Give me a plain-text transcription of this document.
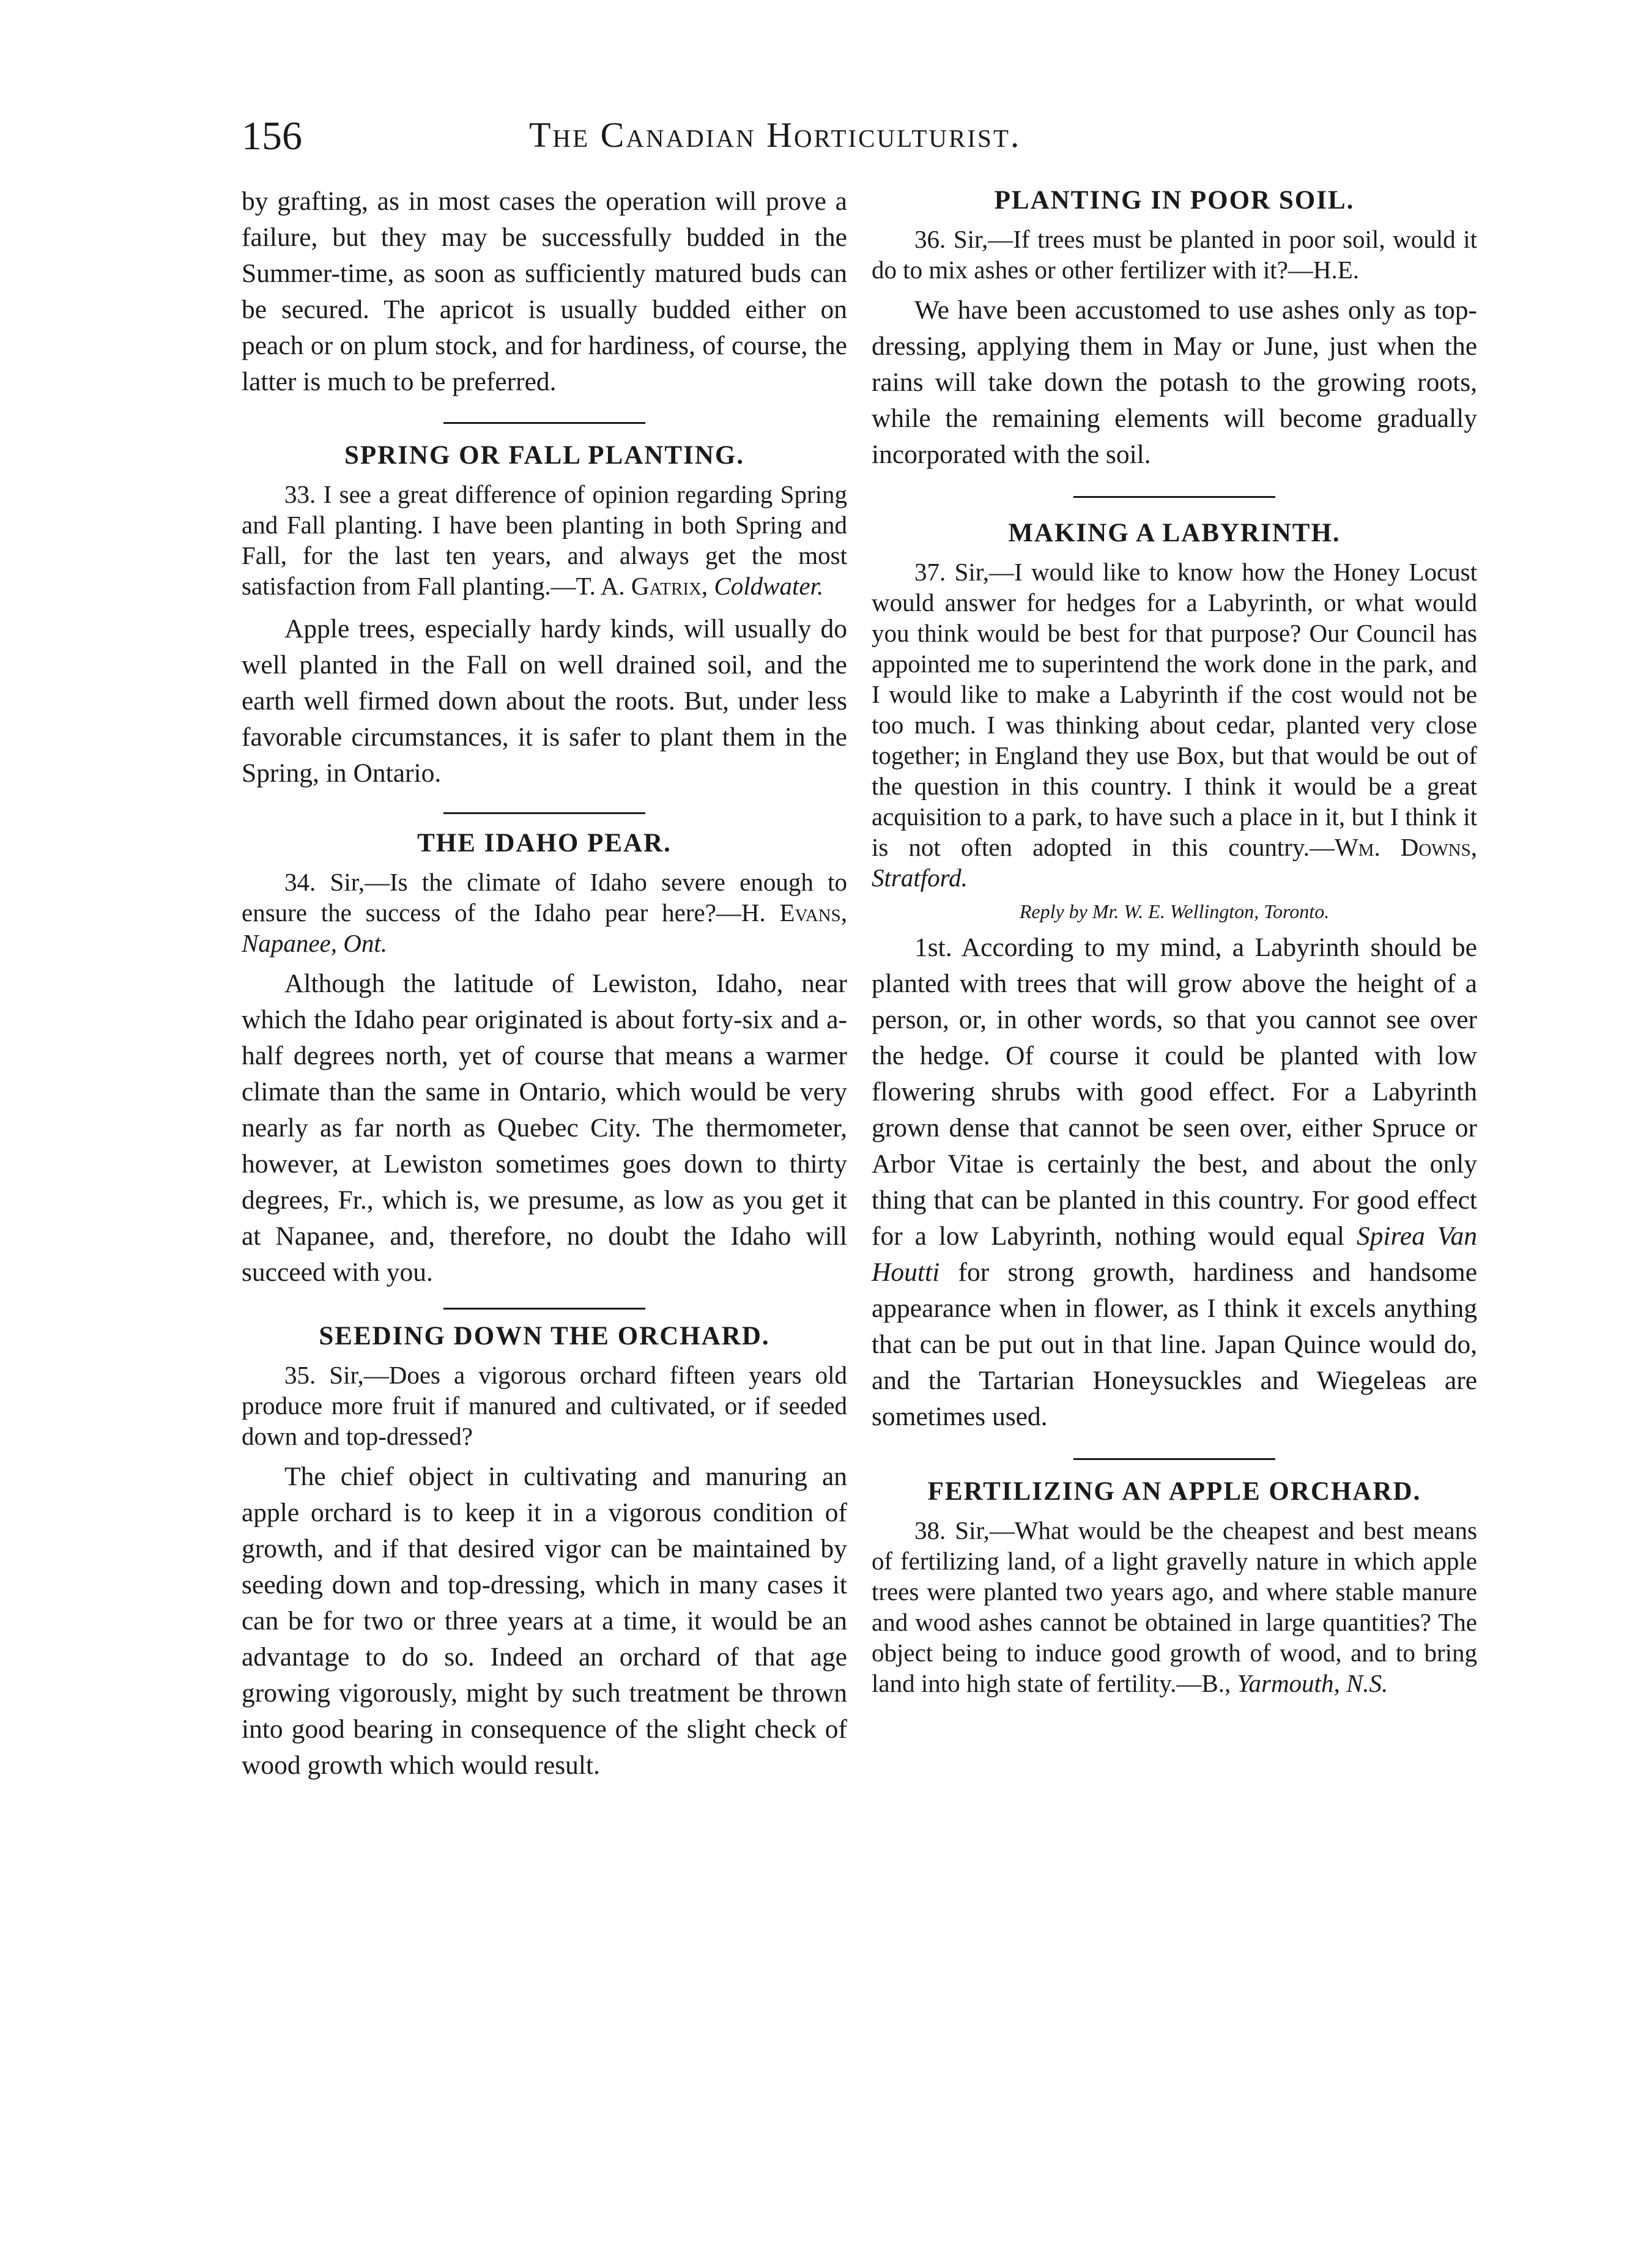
156	The Canadian Horticulturist.

by grafting, as in most cases the operation will prove a failure, but they may be successfully budded in the Summer-time, as soon as sufficiently matured buds can be secured. The apricot is usually budded either on peach or on plum stock, and for hardiness, of course, the latter is much to be preferred.

SPRING OR FALL PLANTING.

33. I see a great difference of opinion regarding Spring and Fall planting. I have been planting in both Spring and Fall, for the last ten years, and always get the most satisfaction from Fall planting.—T. A. Gatrix, Coldwater.

Apple trees, especially hardy kinds, will usually do well planted in the Fall on well drained soil, and the earth well firmed down about the roots. But, under less favorable circumstances, it is safer to plant them in the Spring, in Ontario.

THE IDAHO PEAR.

34. Sir,—Is the climate of Idaho severe enough to ensure the success of the Idaho pear here?—H. Evans, Napanee, Ont.

Although the latitude of Lewiston, Idaho, near which the Idaho pear originated is about forty-six and a-half degrees north, yet of course that means a warmer climate than the same in Ontario, which would be very nearly as far north as Quebec City. The thermometer, however, at Lewiston sometimes goes down to thirty degrees, Fr., which is, we presume, as low as you get it at Napanee, and, therefore, no doubt the Idaho will succeed with you.

SEEDING DOWN THE ORCHARD.

35. Sir,—Does a vigorous orchard fifteen years old produce more fruit if manured and cultivated, or if seeded down and top-dressed?

The chief object in cultivating and manuring an apple orchard is to keep it in a vigorous condition of growth, and if that desired vigor can be maintained by seeding down and top-dressing, which in many cases it can be for two or three years at a time, it would be an advantage to do so. Indeed an orchard of that age growing vigorously, might by such treatment be thrown into good bearing in consequence of the slight check of wood growth which would result.

PLANTING IN POOR SOIL.

36. Sir,—If trees must be planted in poor soil, would it do to mix ashes or other fertilizer with it?—H.E.

We have been accustomed to use ashes only as top-dressing, applying them in May or June, just when the rains will take down the potash to the growing roots, while the remaining elements will become gradually incorporated with the soil.

MAKING A LABYRINTH.

37. Sir,—I would like to know how the Honey Locust would answer for hedges for a Labyrinth, or what would you think would be best for that purpose? Our Council has appointed me to superintend the work done in the park, and I would like to make a Labyrinth if the cost would not be too much. I was thinking about cedar, planted very close together; in England they use Box, but that would be out of the question in this country. I think it would be a great acquisition to a park, to have such a place in it, but I think it is not often adopted in this country.—Wm. Downs, Stratford.

Reply by Mr. W. E. Wellington, Toronto.

1st. According to my mind, a Labyrinth should be planted with trees that will grow above the height of a person, or, in other words, so that you cannot see over the hedge. Of course it could be planted with low flowering shrubs with good effect. For a Labyrinth grown dense that cannot be seen over, either Spruce or Arbor Vitae is certainly the best, and about the only thing that can be planted in this country. For good effect for a low Labyrinth, nothing would equal Spirea Van Houtti for strong growth, hardiness and handsome appearance when in flower, as I think it excels anything that can be put out in that line. Japan Quince would do, and the Tartarian Honeysuckles and Wiegeleas are sometimes used.

FERTILIZING AN APPLE ORCHARD.

38. Sir,—What would be the cheapest and best means of fertilizing land, of a light gravelly nature in which apple trees were planted two years ago, and where stable manure and wood ashes cannot be obtained in large quantities? The object being to induce good growth of wood, and to bring land into high state of fertility.—B., Yarmouth, N.S.
